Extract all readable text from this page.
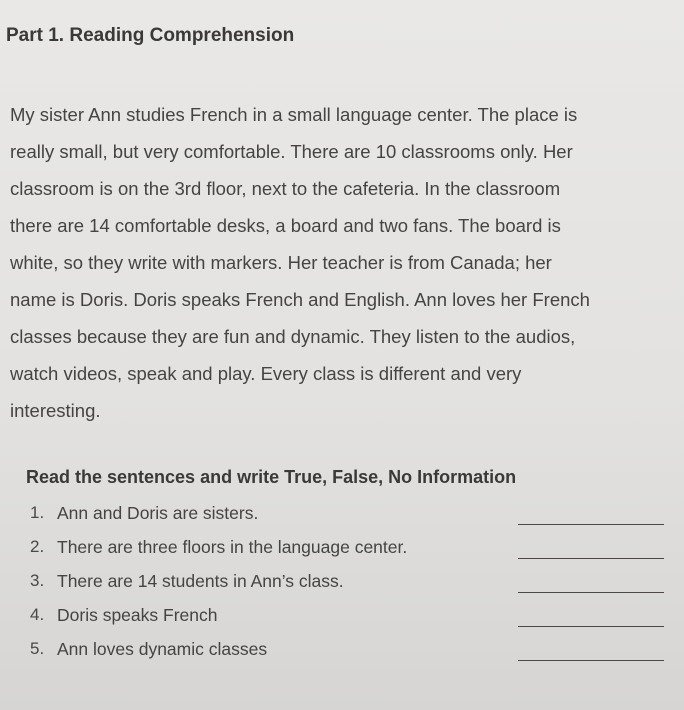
Part 1. Reading Comprehension
My sister Ann studies French in a small language center. The place is
really small, but very comfortable. There are 10 classrooms only. Her
classroom is on the 3rd floor, next to the cafeteria. In the classroom
there are 14 comfortable desks, a board and two fans. The board is
white, so they write with markers. Her teacher is from Canada; her
name is Doris. Doris speaks French and English. Ann loves her French
classes because they are fun and dynamic. They listen to the audios,
watch videos, speak and play. Every class is different and very
interesting.
Read the sentences and write True, False, No Information
1. Ann and Doris are sisters.
2. There are three floors in the language center.
3. There are 14 students in Ann’s class.
4. Doris speaks French
5. Ann loves dynamic classes
